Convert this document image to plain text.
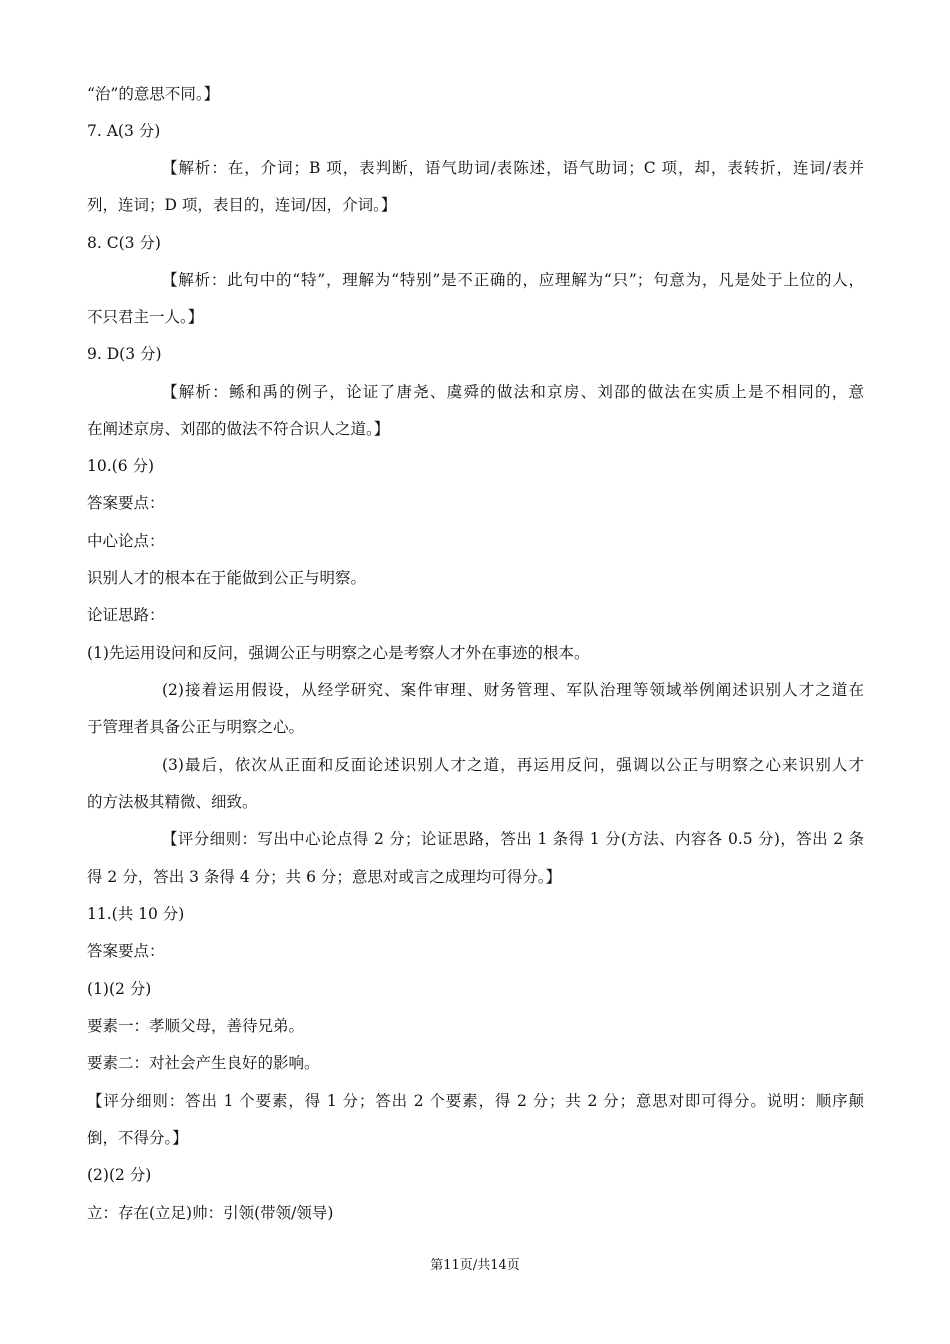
“治”的意思不同。】
7. A(3 分)
【解析：在，介词；B 项，表判断，语气助词/表陈述，语气助词；C 项，却，表转折，连词/表并
列，连词；D 项，表目的，连词/因，介词。】
8. C(3 分)
【解析：此句中的“特”，理解为“特别”是不正确的，应理解为“只”；句意为，凡是处于上位的人，
不只君主一人。】
9. D(3 分)
【解析：鲧和禹的例子，论证了唐尧、虞舜的做法和京房、刘邵的做法在实质上是不相同的，意
在阐述京房、刘邵的做法不符合识人之道。】
10.(6 分)
答案要点：
中心论点：
识别人才的根本在于能做到公正与明察。
论证思路：
(1)先运用设问和反问，强调公正与明察之心是考察人才外在事迹的根本。
(2)接着运用假设，从经学研究、案件审理、财务管理、军队治理等领域举例阐述识别人才之道在
于管理者具备公正与明察之心。
(3)最后，依次从正面和反面论述识别人才之道，再运用反问，强调以公正与明察之心来识别人才
的方法极其精微、细致。
【评分细则：写出中心论点得 2 分；论证思路，答出 1 条得 1 分(方法、内容各 0.5 分)，答出 2 条
得 2 分，答出 3 条得 4 分；共 6 分；意思对或言之成理均可得分。】
11.(共 10 分)
答案要点：
(1)(2 分)
要素一：孝顺父母，善待兄弟。
要素二：对社会产生良好的影响。
【评分细则：答出 1 个要素，得 1 分；答出 2 个要素，得 2 分；共 2 分；意思对即可得分。说明：顺序颠
倒，不得分。】
(2)(2 分)
立：存在(立足)帅：引领(带领/领导)
第11页/共14页
